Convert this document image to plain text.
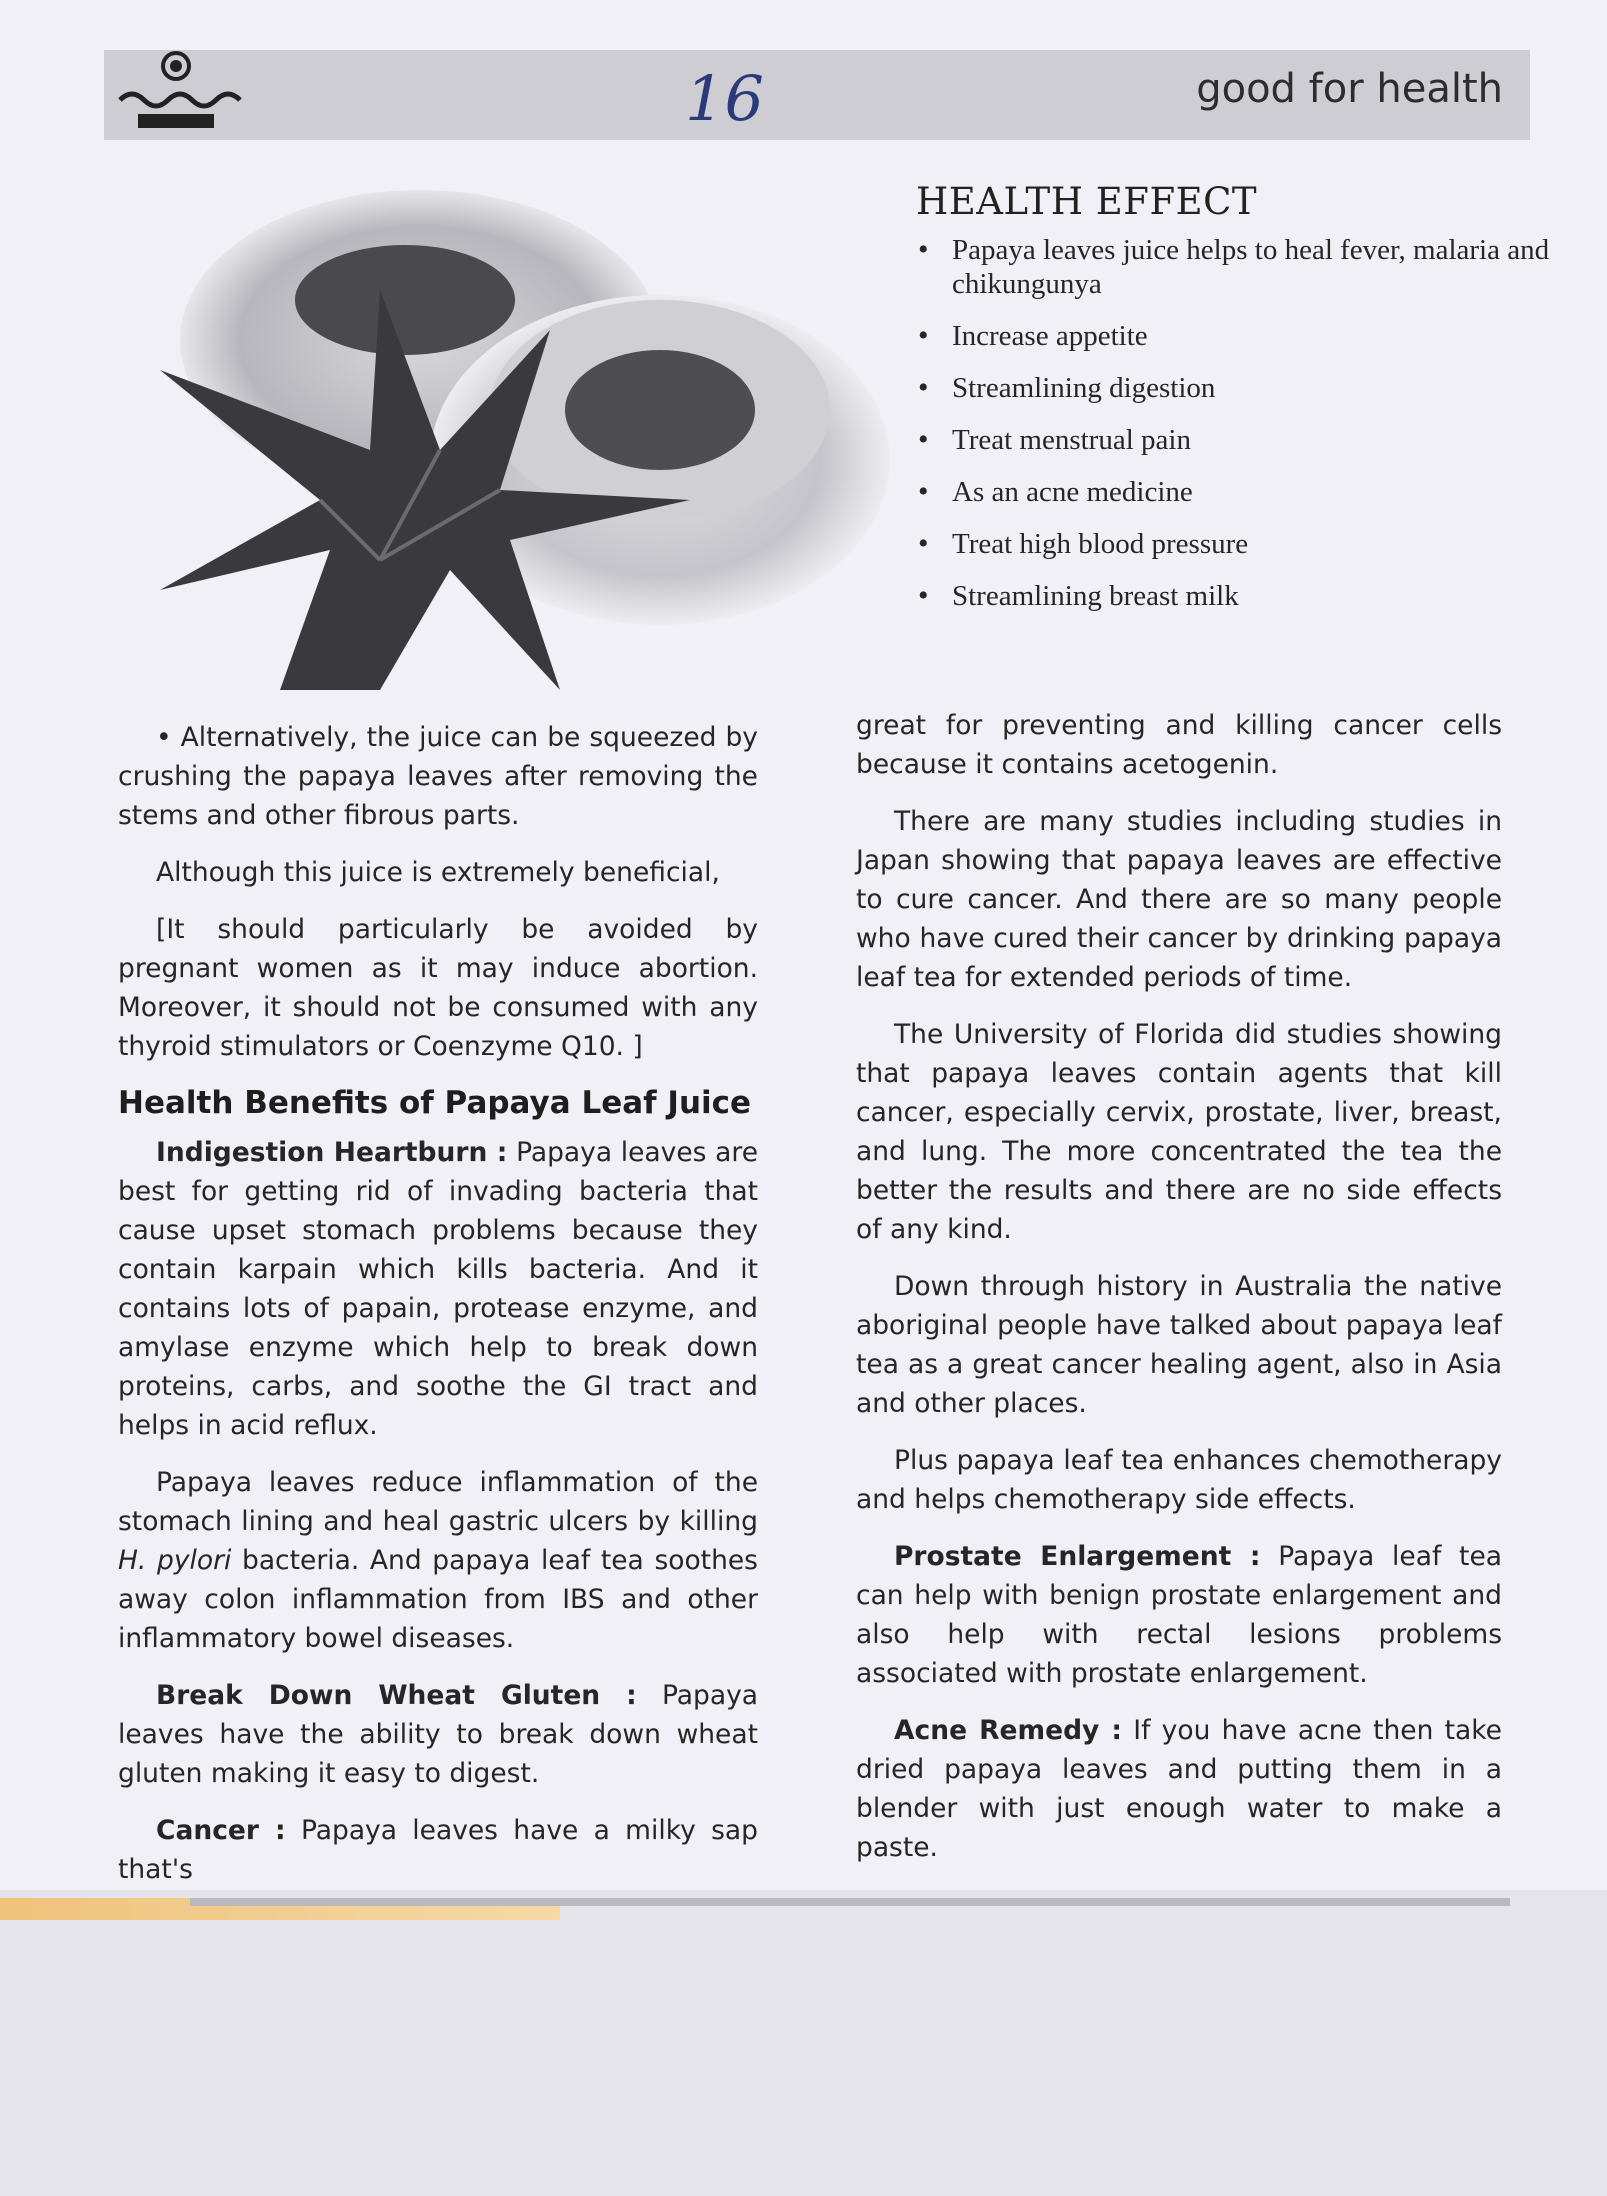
16	good for health
HEALTH EFFECT
• Papaya leaves juice helps to heal fever, malaria and chikungunya
• Increase appetite
• Streamlining digestion
• Treat menstrual pain
• As an acne medicine
• Treat high blood pressure
• Streamlining breast milk

• Alternatively, the juice can be squeezed by crushing the papaya leaves after removing the stems and other fibrous parts.

Although this juice is extremely beneficial,

[It should particularly be avoided by pregnant women as it may induce abortion. Moreover, it should not be consumed with any thyroid stimulators or Coenzyme Q10. ]

Health Benefits of Papaya Leaf Juice

Indigestion Heartburn : Papaya leaves are best for getting rid of invading bacteria that cause upset stomach problems because they contain karpain which kills bacteria. And it contains lots of papain, protease enzyme, and amylase enzyme which help to break down proteins, carbs, and soothe the GI tract and helps in acid reflux.

Papaya leaves reduce inflammation of the stomach lining and heal gastric ulcers by killing H. pylori bacteria. And papaya leaf tea soothes away colon inflammation from IBS and other inflammatory bowel diseases.

Break Down Wheat Gluten : Papaya leaves have the ability to break down wheat gluten making it easy to digest.

Cancer : Papaya leaves have a milky sap that's

great for preventing and killing cancer cells because it contains acetogenin.

There are many studies including studies in Japan showing that papaya leaves are effective to cure cancer. And there are so many people who have cured their cancer by drinking papaya leaf tea for extended periods of time.

The University of Florida did studies showing that papaya leaves contain agents that kill cancer, especially cervix, prostate, liver, breast, and lung. The more concentrated the tea the better the results and there are no side effects of any kind.

Down through history in Australia the native aboriginal people have talked about papaya leaf tea as a great cancer healing agent, also in Asia and other places.

Plus papaya leaf tea enhances chemotherapy and helps chemotherapy side effects.

Prostate Enlargement : Papaya leaf tea can help with benign prostate enlargement and also help with rectal lesions problems associated with prostate enlargement.

Acne Remedy : If you have acne then take dried papaya leaves and putting them in a blender with just enough water to make a paste.
